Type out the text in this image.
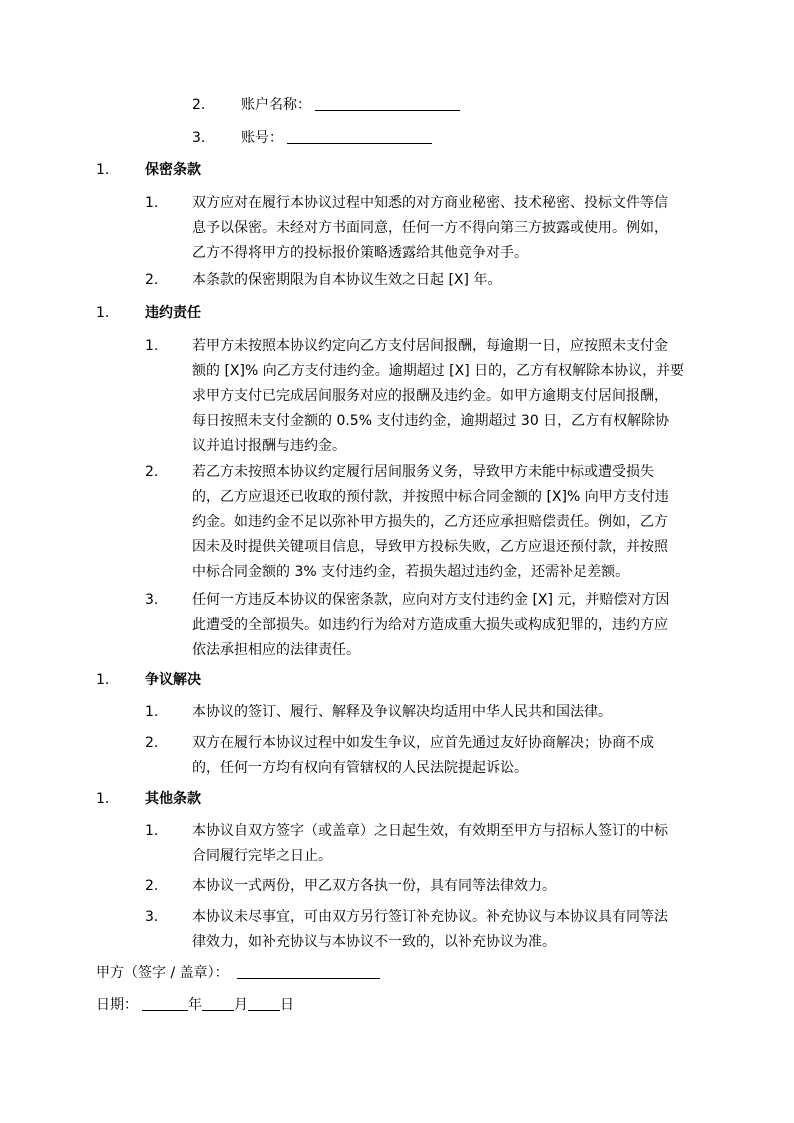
2.	账户名称：
3.	账号：
1.	保密条款
1. 双方应对在履行本协议过程中知悉的对方商业秘密、技术秘密、投标文件等信

息予以保密。未经对方书面同意，任何一方不得向第三方披露或使用。例如，

乙方不得将甲方的投标报价策略透露给其他竞争对手。

2. 本条款的保密期限为自本协议生效之日起 [X] 年。

1.	违约责任
1. 若甲方未按照本协议约定向乙方支付居间报酬，每逾期一日，应按照未支付金

额的 [X]% 向乙方支付违约金。逾期超过 [X] 日的，乙方有权解除本协议，并要

求甲方支付已完成居间服务对应的报酬及违约金。如甲方逾期支付居间报酬，

每日按照未支付金额的 0.5% 支付违约金，逾期超过 30 日，乙方有权解除协

议并追讨报酬与违约金。

2. 若乙方未按照本协议约定履行居间服务义务，导致甲方未能中标或遭受损失

的，乙方应退还已收取的预付款，并按照中标合同金额的 [X]% 向甲方支付违

约金。如违约金不足以弥补甲方损失的，乙方还应承担赔偿责任。例如，乙方

因未及时提供关键项目信息，导致甲方投标失败，乙方应退还预付款，并按照

中标合同金额的 3% 支付违约金，若损失超过违约金，还需补足差额。

3. 任何一方违反本协议的保密条款，应向对方支付违约金 [X] 元，并赔偿对方因

此遭受的全部损失。如违约行为给对方造成重大损失或构成犯罪的，违约方应

依法承担相应的法律责任。

1.	争议解决
1. 本协议的签订、履行、解释及争议解决均适用中华人民共和国法律。

2. 双方在履行本协议过程中如发生争议，应首先通过友好协商解决；协商不成

的，任何一方均有权向有管辖权的人民法院提起诉讼。

1.	其他条款
1. 本协议自双方签字（或盖章）之日起生效，有效期至甲方与招标人签订的中标

合同履行完毕之日止。

2. 本协议一式两份，甲乙双方各执一份，具有同等法律效力。

3. 本协议未尽事宜，可由双方另行签订补充协议。补充协议与本协议具有同等法

律效力，如补充协议与本协议不一致的，以补充协议为准。

甲方（签字 / 盖章）：
日期：	年 月 日
